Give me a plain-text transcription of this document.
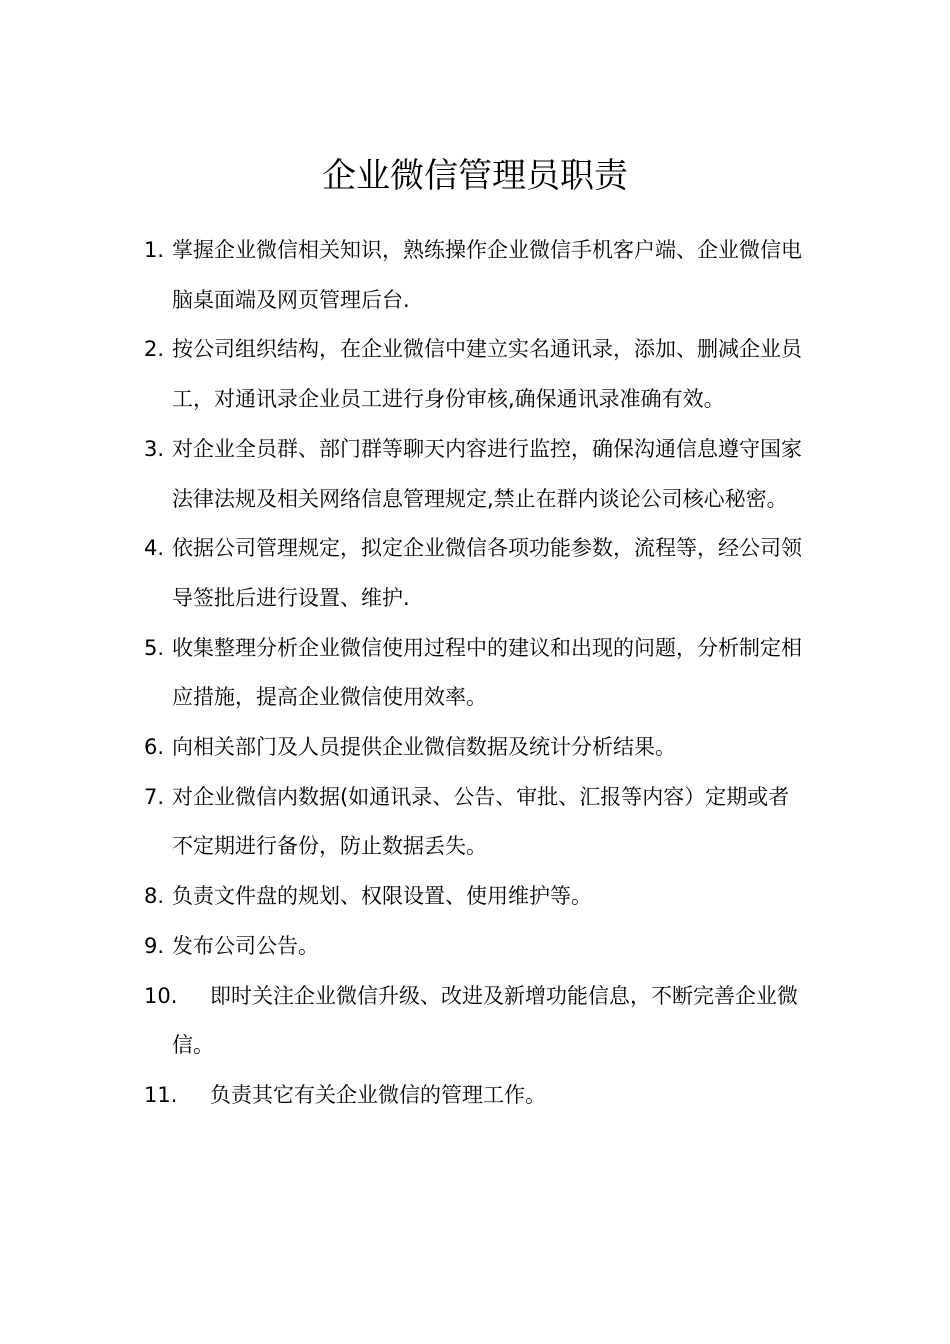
企业微信管理员职责
1. 掌握企业微信相关知识，熟练操作企业微信手机客户端、企业微信电脑桌面端及网页管理后台.
2. 按公司组织结构，在企业微信中建立实名通讯录，添加、删减企业员工，对通讯录企业员工进行身份审核,确保通讯录准确有效。
3. 对企业全员群、部门群等聊天内容进行监控，确保沟通信息遵守国家法律法规及相关网络信息管理规定,禁止在群内谈论公司核心秘密。
4. 依据公司管理规定，拟定企业微信各项功能参数，流程等，经公司领导签批后进行设置、维护.
5. 收集整理分析企业微信使用过程中的建议和出现的问题，分析制定相应措施，提高企业微信使用效率。
6. 向相关部门及人员提供企业微信数据及统计分析结果。
7. 对企业微信内数据(如通讯录、公告、审批、汇报等内容）定期或者不定期进行备份，防止数据丢失。
8. 负责文件盘的规划、权限设置、使用维护等。
9. 发布公司公告。
10. 即时关注企业微信升级、改进及新增功能信息，不断完善企业微信。
11. 负责其它有关企业微信的管理工作。
